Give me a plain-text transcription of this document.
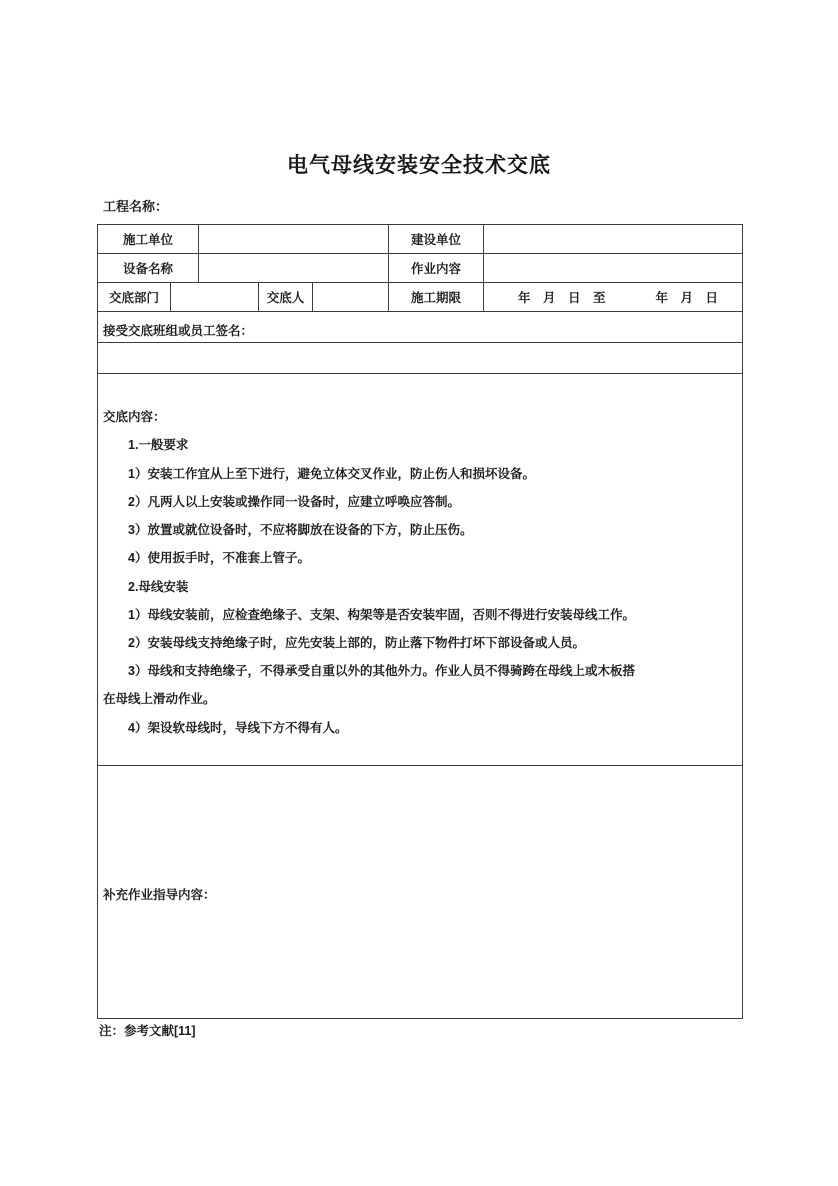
电气母线安装安全技术交底
工程名称：
施工单位					建设单位	
设备名称					作业内容	
交底部门			交底人		施工期限	年　月　日　至　　　　年　月　日
接受交底班组或员工签名：						

交底内容：
1.一般要求
1）安装工作宜从上至下进行，避免立体交叉作业，防止伤人和损坏设备。
2）凡两人以上安装或操作同一设备时，应建立呼唤应答制。
3）放置或就位设备时，不应将脚放在设备的下方，防止压伤。
4）使用扳手时，不准套上管子。
2.母线安装
1）母线安装前，应检查绝缘子、支架、构架等是否安装牢固，否则不得进行安装母线工作。
2）安装母线支持绝缘子时，应先安装上部的，防止落下物件打坏下部设备或人员。
3）母线和支持绝缘子，不得承受自重以外的其他外力。作业人员不得骑跨在母线上或木板搭
在母线上滑动作业。
4）架设软母线时，导线下方不得有人。

补充作业指导内容：						
注：参考文献[11]
